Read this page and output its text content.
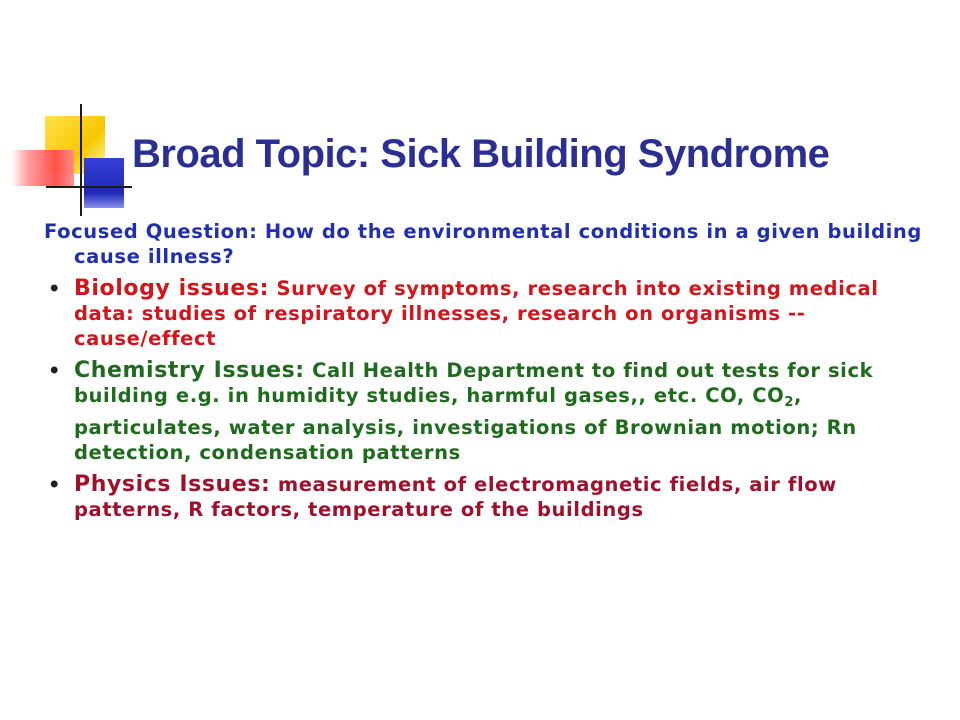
Broad Topic: Sick Building Syndrome

Focused Question: How do the environmental conditions in a given building cause illness?

• Biology issues: Survey of symptoms, research into existing medical data: studies of respiratory illnesses, research on organisms --cause/effect
• Chemistry Issues: Call Health Department to find out tests for sick building e.g. in humidity studies, harmful gases,, etc. CO, $CO_2$, particulates, water analysis, investigations of Brownian motion; Rn detection, condensation patterns
• Physics Issues: measurement of electromagnetic fields, air flow patterns, R factors, temperature of the buildings
